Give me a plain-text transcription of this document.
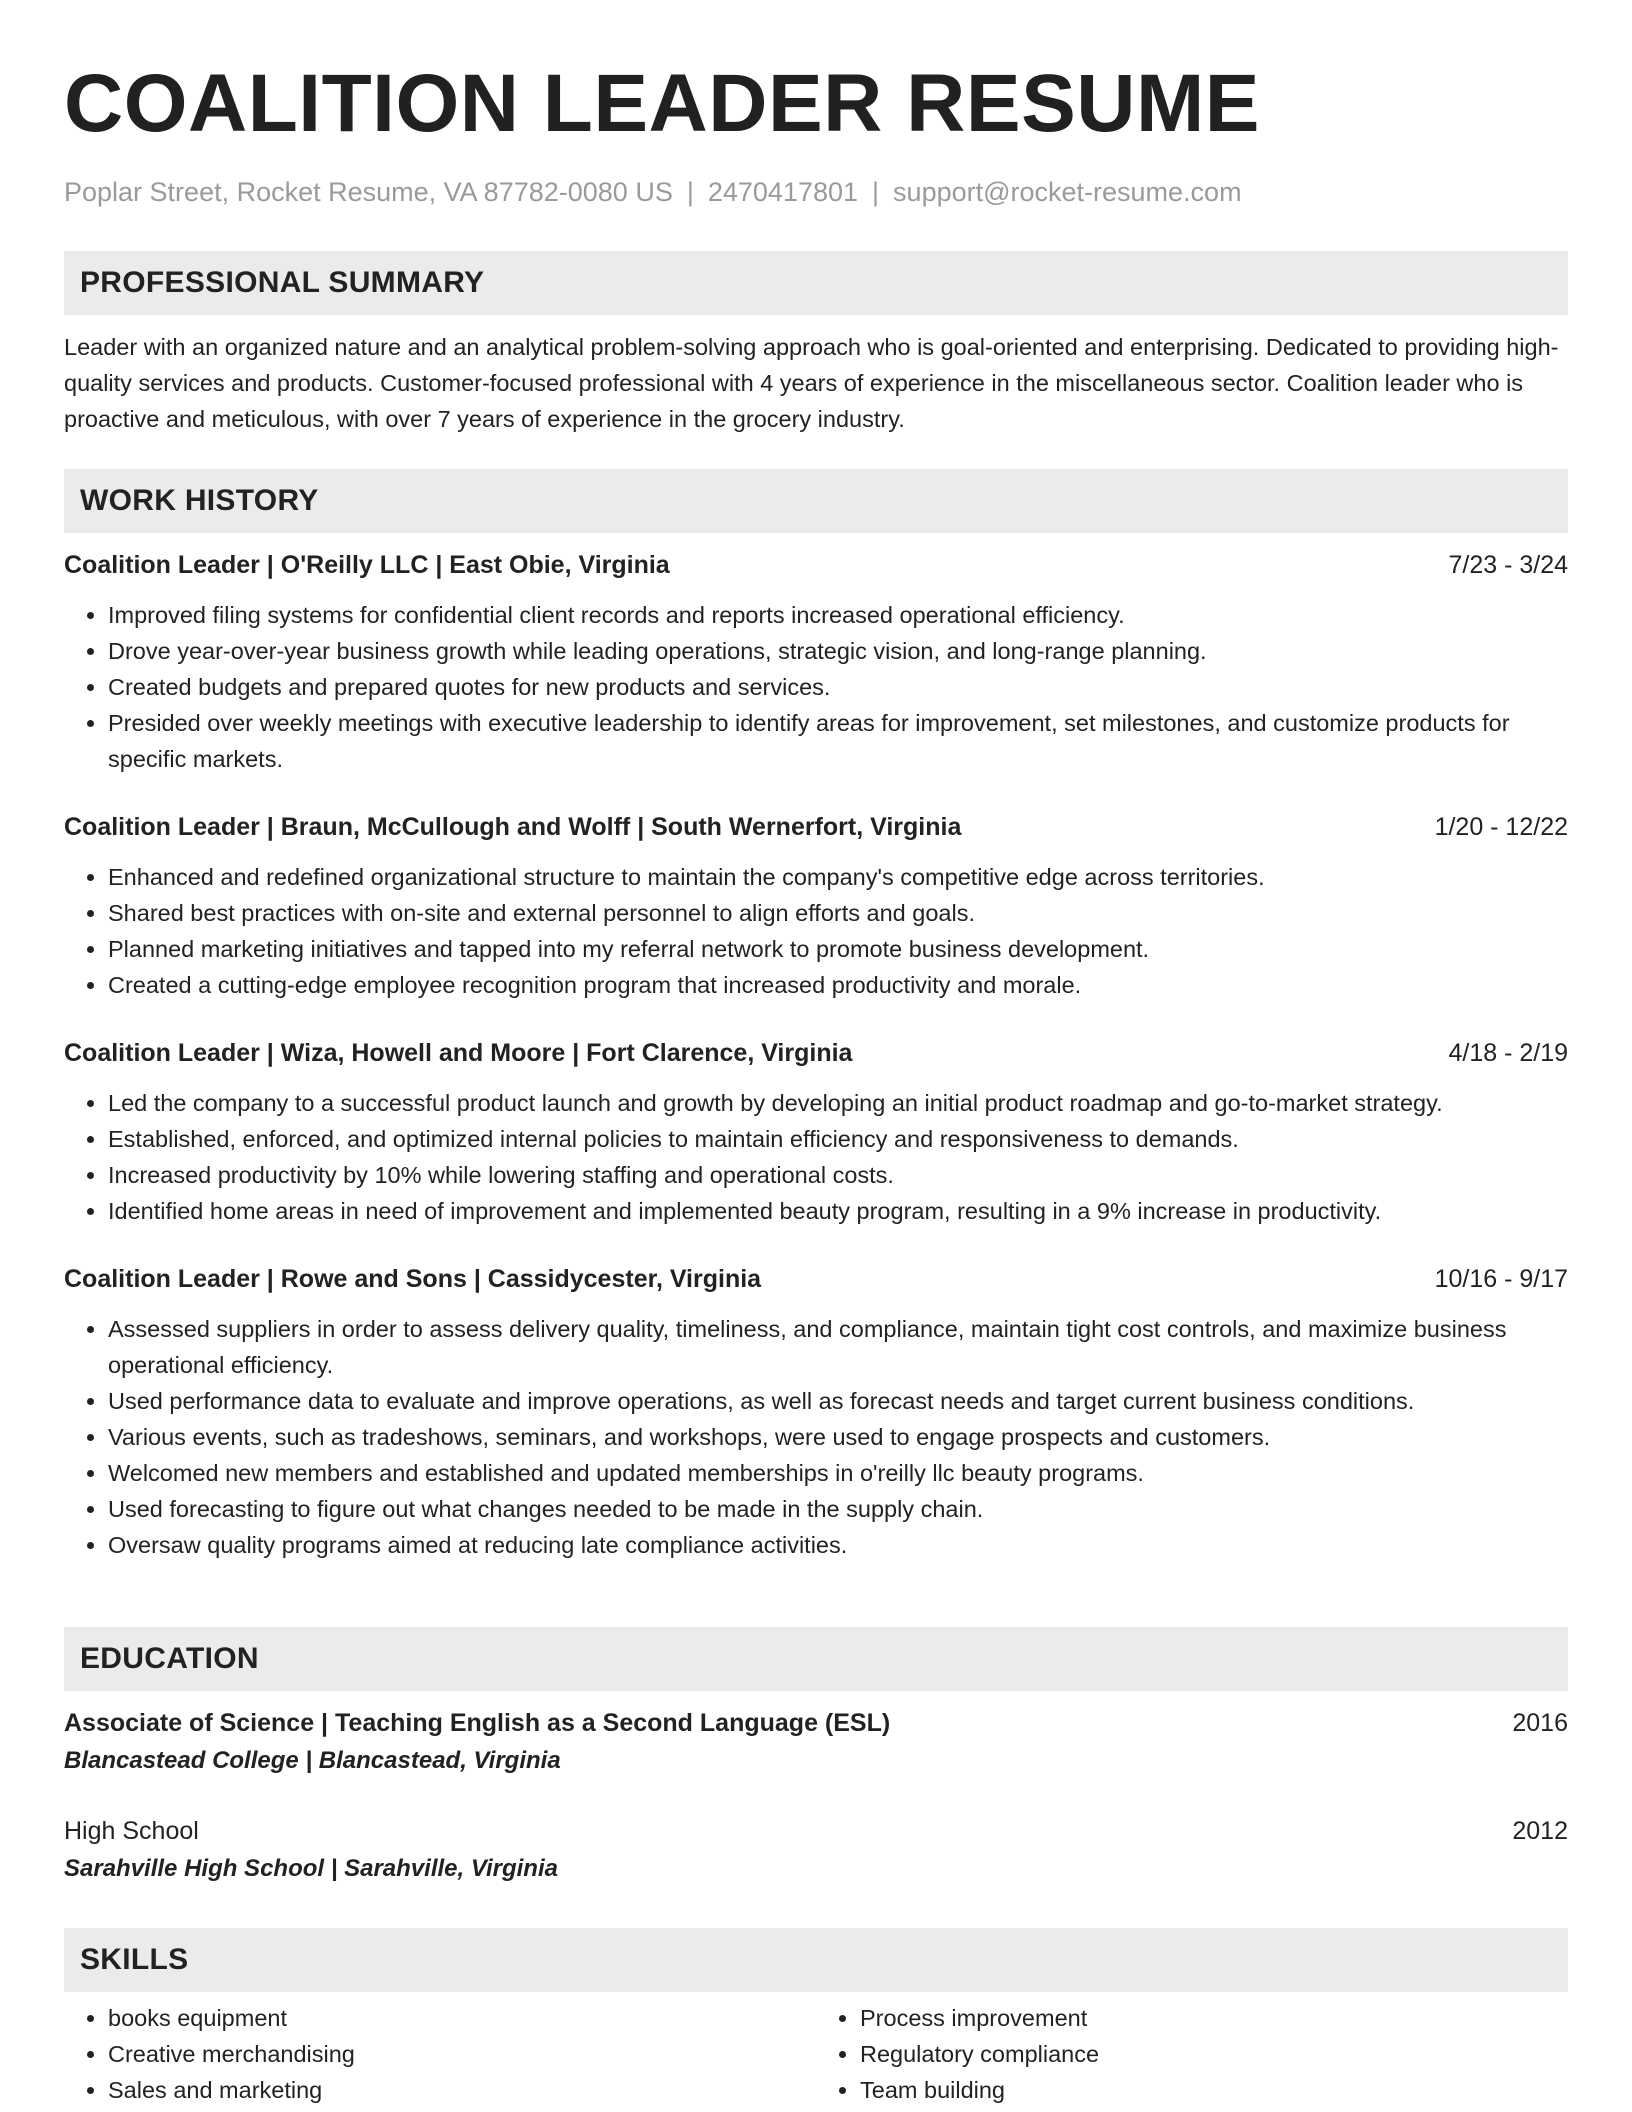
COALITION LEADER RESUME
Poplar Street, Rocket Resume, VA 87782-0080 US | 2470417801 | support@rocket-resume.com
PROFESSIONAL SUMMARY

Leader with an organized nature and an analytical problem-solving approach who is goal-oriented and enterprising. Dedicated to providing high-quality services and products. Customer-focused professional with 4 years of experience in the miscellaneous sector. Coalition leader who is proactive and meticulous, with over 7 years of experience in the grocery industry.

WORK HISTORY
Coalition Leader | O'Reilly LLC | East Obie, Virginia	7/23 - 3/24
• Improved filing systems for confidential client records and reports increased operational efficiency.
• Drove year-over-year business growth while leading operations, strategic vision, and long-range planning.
• Created budgets and prepared quotes for new products and services.
• Presided over weekly meetings with executive leadership to identify areas for improvement, set milestones, and customize products for specific markets.
Coalition Leader | Braun, McCullough and Wolff | South Wernerfort, Virginia	1/20 - 12/22
• Enhanced and redefined organizational structure to maintain the company's competitive edge across territories.
• Shared best practices with on-site and external personnel to align efforts and goals.
• Planned marketing initiatives and tapped into my referral network to promote business development.
• Created a cutting-edge employee recognition program that increased productivity and morale.
Coalition Leader | Wiza, Howell and Moore | Fort Clarence, Virginia	4/18 - 2/19
• Led the company to a successful product launch and growth by developing an initial product roadmap and go-to-market strategy.
• Established, enforced, and optimized internal policies to maintain efficiency and responsiveness to demands.
• Increased productivity by 10% while lowering staffing and operational costs.
• Identified home areas in need of improvement and implemented beauty program, resulting in a 9% increase in productivity.
Coalition Leader | Rowe and Sons | Cassidycester, Virginia	10/16 - 9/17
• Assessed suppliers in order to assess delivery quality, timeliness, and compliance, maintain tight cost controls, and maximize business operational efficiency.
• Used performance data to evaluate and improve operations, as well as forecast needs and target current business conditions.
• Various events, such as tradeshows, seminars, and workshops, were used to engage prospects and customers.
• Welcomed new members and established and updated memberships in o'reilly llc beauty programs.
• Used forecasting to figure out what changes needed to be made in the supply chain.
• Oversaw quality programs aimed at reducing late compliance activities.
EDUCATION
Associate of Science | Teaching English as a Second Language (ESL)	2016
Blancastead College | Blancastead, Virginia
High School	2012
Sarahville High School | Sarahville, Virginia
SKILLS
• books equipment
• Creative merchandising
• Sales and marketing
• Process improvement
• Regulatory compliance
• Team building
